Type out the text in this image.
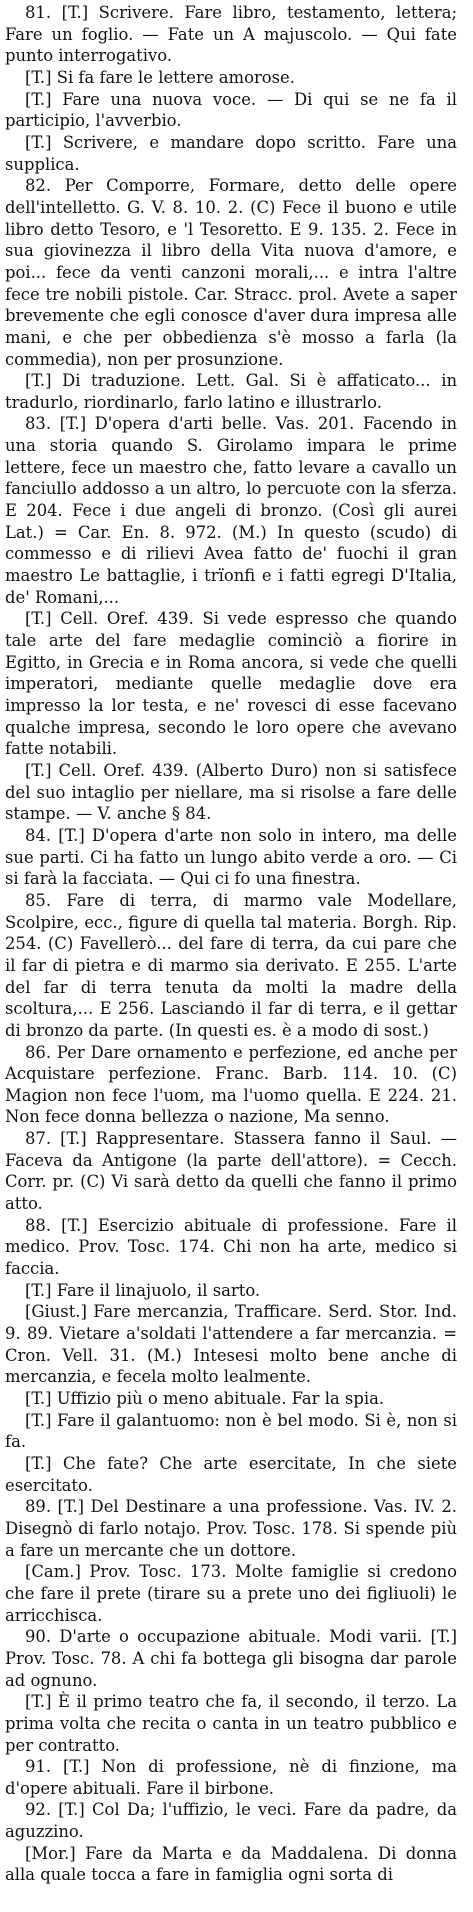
81. [T.] Scrivere. Fare libro, testamento, lettera; Fare un foglio. — Fate un A majuscolo. — Qui fate punto interrogativo.

[T.] Si fa fare le lettere amorose.

[T.] Fare una nuova voce. — Di qui se ne fa il participio, l'avverbio.

[T.] Scrivere, e mandare dopo scritto. Fare una supplica.

82. Per Comporre, Formare, detto delle opere dell'intelletto. G. V. 8. 10. 2. (C) Fece il buono e utile libro detto Tesoro, e 'l Tesoretto. E 9. 135. 2. Fece in sua giovinezza il libro della Vita nuova d'amore, e poi... fece da venti canzoni morali,... e intra l'altre fece tre nobili pistole. Car. Stracc. prol. Avete a saper brevemente che egli conosce d'aver dura impresa alle mani, e che per obbedienza s'è mosso a farla (la commedia), non per prosunzione.

[T.] Di traduzione. Lett. Gal. Si è affaticato... in tradurlo, riordinarlo, farlo latino e illustrarlo.

83. [T.] D'opera d'arti belle. Vas. 201. Facendo in una storia quando S. Girolamo impara le prime lettere, fece un maestro che, fatto levare a cavallo un fanciullo addosso a un altro, lo percuote con la sferza. E 204. Fece i due angeli di bronzo. (Così gli aurei Lat.) = Car. En. 8. 972. (M.) In questo (scudo) di commesso e di rilievi Avea fatto de' fuochi il gran maestro Le battaglie, i trïonfi e i fatti egregi D'Italia, de' Romani,...

[T.] Cell. Oref. 439. Si vede espresso che quando tale arte del fare medaglie cominciò a fiorire in Egitto, in Grecia e in Roma ancora, si vede che quelli imperatori, mediante quelle medaglie dove era impresso la lor testa, e ne' rovesci di esse facevano qualche impresa, secondo le loro opere che avevano fatte notabili.

[T.] Cell. Oref. 439. (Alberto Duro) non si satisfece del suo intaglio per niellare, ma si risolse a fare delle stampe. — V. anche § 84.

84. [T.] D'opera d'arte non solo in intero, ma delle sue parti. Ci ha fatto un lungo abito verde a oro. — Ci si farà la facciata. — Qui ci fo una finestra.

85. Fare di terra, di marmo vale Modellare, Scolpire, ecc., figure di quella tal materia. Borgh. Rip. 254. (C) Favellerò... del fare di terra, da cui pare che il far di pietra e di marmo sia derivato. E 255. L'arte del far di terra tenuta da molti la madre della scoltura,... E 256. Lasciando il far di terra, e il gettar di bronzo da parte. (In questi es. è a modo di sost.)

86. Per Dare ornamento e perfezione, ed anche per Acquistare perfezione. Franc. Barb. 114. 10. (C) Magion non fece l'uom, ma l'uomo quella. E 224. 21. Non fece donna bellezza o nazione, Ma senno.

87. [T.] Rappresentare. Stassera fanno il Saul. — Faceva da Antigone (la parte dell'attore). = Cecch. Corr. pr. (C) Vi sarà detto da quelli che fanno il primo atto.

88. [T.] Esercizio abituale di professione. Fare il medico. Prov. Tosc. 174. Chi non ha arte, medico si faccia.

[T.] Fare il linajuolo, il sarto.

[Giust.] Fare mercanzia, Trafficare. Serd. Stor. Ind. 9. 89. Vietare a'soldati l'attendere a far mercanzia. = Cron. Vell. 31. (M.) Intesesi molto bene anche di mercanzia, e fecela molto lealmente.

[T.] Uffizio più o meno abituale. Far la spia.

[T.] Fare il galantuomo: non è bel modo. Si è, non si fa.

[T.] Che fate? Che arte esercitate, In che siete esercitato.

89. [T.] Del Destinare a una professione. Vas. IV. 2. Disegnò di farlo notajo. Prov. Tosc. 178. Si spende più a fare un mercante che un dottore.

[Cam.] Prov. Tosc. 173. Molte famiglie si credono che fare il prete (tirare su a prete uno dei figliuoli) le arricchisca.

90. D'arte o occupazione abituale. Modi varii. [T.] Prov. Tosc. 78. A chi fa bottega gli bisogna dar parole ad ognuno.

[T.] È il primo teatro che fa, il secondo, il terzo. La prima volta che recita o canta in un teatro pubblico e per contratto.

91. [T.] Non di professione, nè di finzione, ma d'opere abituali. Fare il birbone.

92. [T.] Col Da; l'uffizio, le veci. Fare da padre, da aguzzino.

[Mor.] Fare da Marta e da Maddalena. Di donna alla quale tocca a fare in famiglia ogni sorta di
